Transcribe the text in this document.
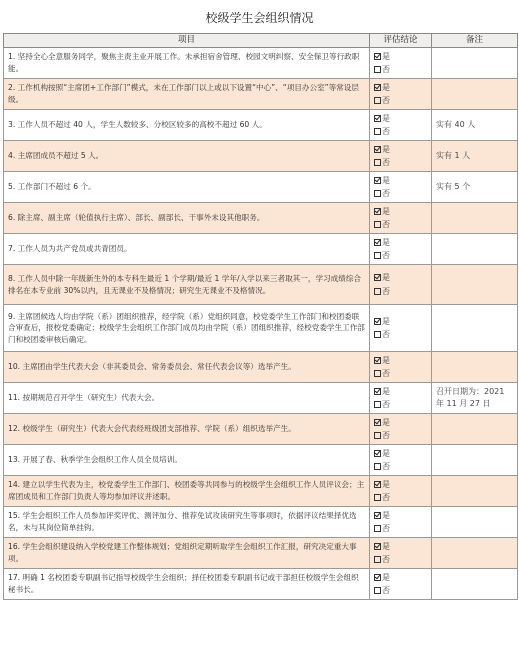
校级学生会组织情况
项目	评估结论	备注
1. 坚持全心全意服务同学，聚焦主责主业开展工作。未承担宿舍管理、校园文明纠察、安全保卫等行政职能。	是
否	

2. 工作机构按照“主席团+工作部门”模式，未在工作部门以上或以下设置“中心”、“项目办公室”等常设层级。	是
否	

3. 工作人员不超过 40 人，学生人数较多、分校区较多的高校不超过 60 人。	是
否	实有 40 人
4. 主席团成员不超过 5 人。	是
否	实有 1 人
5. 工作部门不超过 6 个。	是
否	实有 5 个
6. 除主席、副主席（轮值执行主席）、部长、副部长、干事外未设其他职务。	是
否	

7. 工作人员为共产党员或共青团员。	是
否	

8. 工作人员中除一年级新生外的本专科生最近 1 个学期/最近 1 学年/入学以来三者取其一，学习成绩综合排名在本专业前 30%以内，且无课业不及格情况；研究生无课业不及格情况。	是
否	

9. 主席团候选人均由学院（系）团组织推荐，经学院（系）党组织同意，校党委学生工作部门和校团委联合审查后，报校党委确定；校级学生会组织工作部门成员均由学院（系）团组织推荐，经校党委学生工作部门和校团委审核后确定。	是
否	

10. 主席团由学生代表大会（非其委员会、常务委员会、常任代表会议等）选举产生。	是
否	

11. 按期规范召开学生（研究生）代表大会。	是
否	召开日期为：2021 年 11 月 27 日
12. 校级学生（研究生）代表大会代表经班级团支部推荐、学院（系）组织选举产生。	是
否	

13. 开展了春、秋季学生会组织工作人员全员培训。	是
否	

14. 建立以学生代表为主，校党委学生工作部门、校团委等共同参与的校级学生会组织工作人员评议会；主席团成员和工作部门负责人等均参加评议并述职。	是
否	

15. 学生会组织工作人员参加评奖评优、测评加分、推荐免试攻读研究生等事项时，依据评议结果择优选名，未与其岗位简单挂钩。	是
否	

16. 学生会组织建设纳入学校党建工作整体规划；党组织定期听取学生会组织工作汇报，研究决定重大事项。	是
否	

17. 明确 1 名校团委专职副书记指导校级学生会组织；择任校团委专职副书记或干部担任校级学生会组织秘书长。	是
否	
